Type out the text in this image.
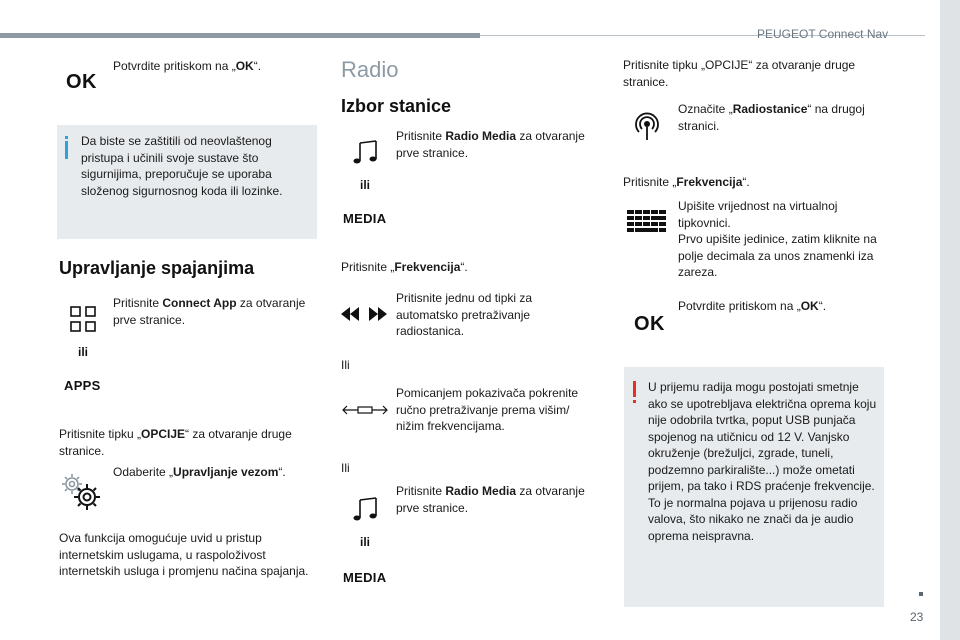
PEUGEOT Connect Nav
23
OK
Potvrdite pritiskom na „OK“.
Da biste se zaštitili od neovlaštenog pristupa i učinili svoje sustave što sigurnijima, preporučuje se uporaba složenog sigurnosnog koda ili lozinke.
Upravljanje spajanjima
Pritisnite Connect App za otvaranje prve stranice.
ili
APPS
Pritisnite tipku „OPCIJE“ za otvaranje druge stranice.
Odaberite „Upravljanje vezom“.
Ova funkcija omogućuje uvid u pristup internetskim uslugama, u raspoloživost internetskih usluga i promjenu načina spajanja.
Radio
Izbor stanice
Pritisnite Radio Media za otvaranje prve stranice.
ili
MEDIA
Pritisnite „Frekvencija“.
Pritisnite jednu od tipki za automatsko pretraživanje radiostanica.
Ili
Pomicanjem pokazivača pokrenite ručno pretraživanje prema višim/ nižim frekvencijama.
Ili
Pritisnite Radio Media za otvaranje prve stranice.
ili
MEDIA
Pritisnite tipku „OPCIJE“ za otvaranje druge stranice.
Označite „Radiostanice“ na drugoj stranici.
Pritisnite „Frekvencija“.
Upišite vrijednost na virtualnoj tipkovnici.
Prvo upišite jedinice, zatim kliknite na polje decimala za unos znamenki iza zareza.
OK
Potvrdite pritiskom na „OK“.
U prijemu radija mogu postojati smetnje ako se upotrebljava električna oprema koju nije odobrila tvrtka, poput USB punjača spojenog na utičnicu od 12 V. Vanjsko okruženje (brežuljci, zgrade, tuneli, podzemno parkiralište...) može ometati prijem, pa tako i RDS praćenje frekvencije. To je normalna pojava u prijenosu radio valova, što nikako ne znači da je audio oprema neispravna.
